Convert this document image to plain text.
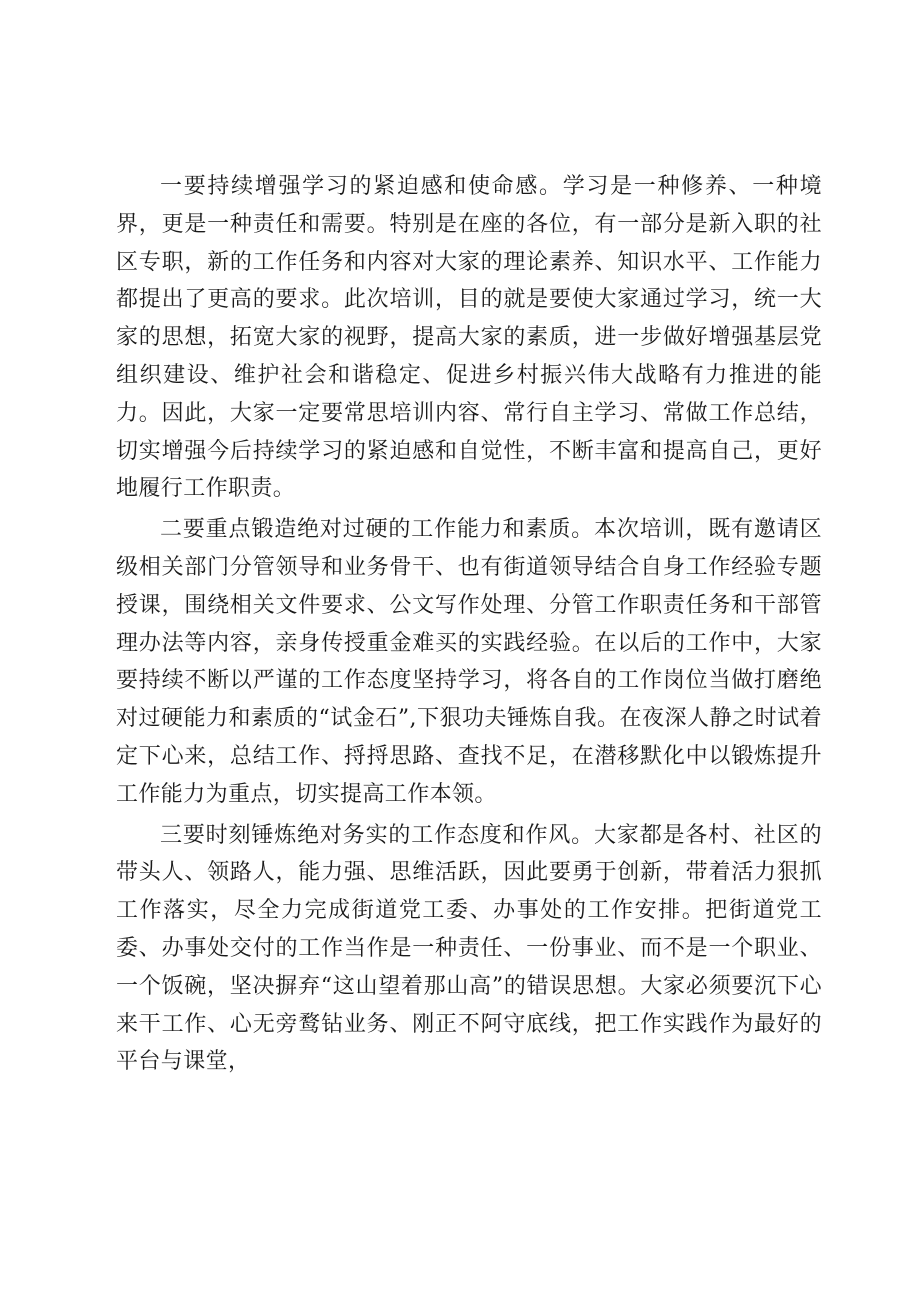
一要持续增强学习的紧迫感和使命感。学习是一种修养、一种境界，更是一种责任和需要。特别是在座的各位，有一部分是新入职的社区专职，新的工作任务和内容对大家的理论素养、知识水平、工作能力都提出了更高的要求。此次培训，目的就是要使大家通过学习，统一大家的思想，拓宽大家的视野，提高大家的素质，进一步做好增强基层党组织建设、维护社会和谐稳定、促进乡村振兴伟大战略有力推进的能力。因此，大家一定要常思培训内容、常行自主学习、常做工作总结，切实增强今后持续学习的紧迫感和自觉性，不断丰富和提高自己，更好地履行工作职责。

二要重点锻造绝对过硬的工作能力和素质。本次培训，既有邀请区级相关部门分管领导和业务骨干、也有街道领导结合自身工作经验专题授课，围绕相关文件要求、公文写作处理、分管工作职责任务和干部管理办法等内容，亲身传授重金难买的实践经验。在以后的工作中，大家要持续不断以严谨的工作态度坚持学习，将各自的工作岗位当做打磨绝对过硬能力和素质的“试金石”,下狠功夫锤炼自我。在夜深人静之时试着定下心来，总结工作、捋捋思路、查找不足，在潜移默化中以锻炼提升工作能力为重点，切实提高工作本领。

三要时刻锤炼绝对务实的工作态度和作风。大家都是各村、社区的带头人、领路人，能力强、思维活跃，因此要勇于创新，带着活力狠抓工作落实，尽全力完成街道党工委、办事处的工作安排。把街道党工委、办事处交付的工作当作是一种责任、一份事业、而不是一个职业、一个饭碗，坚决摒弃“这山望着那山高”的错误思想。大家必须要沉下心来干工作、心无旁鹜钻业务、刚正不阿守底线，把工作实践作为最好的平台与课堂，
